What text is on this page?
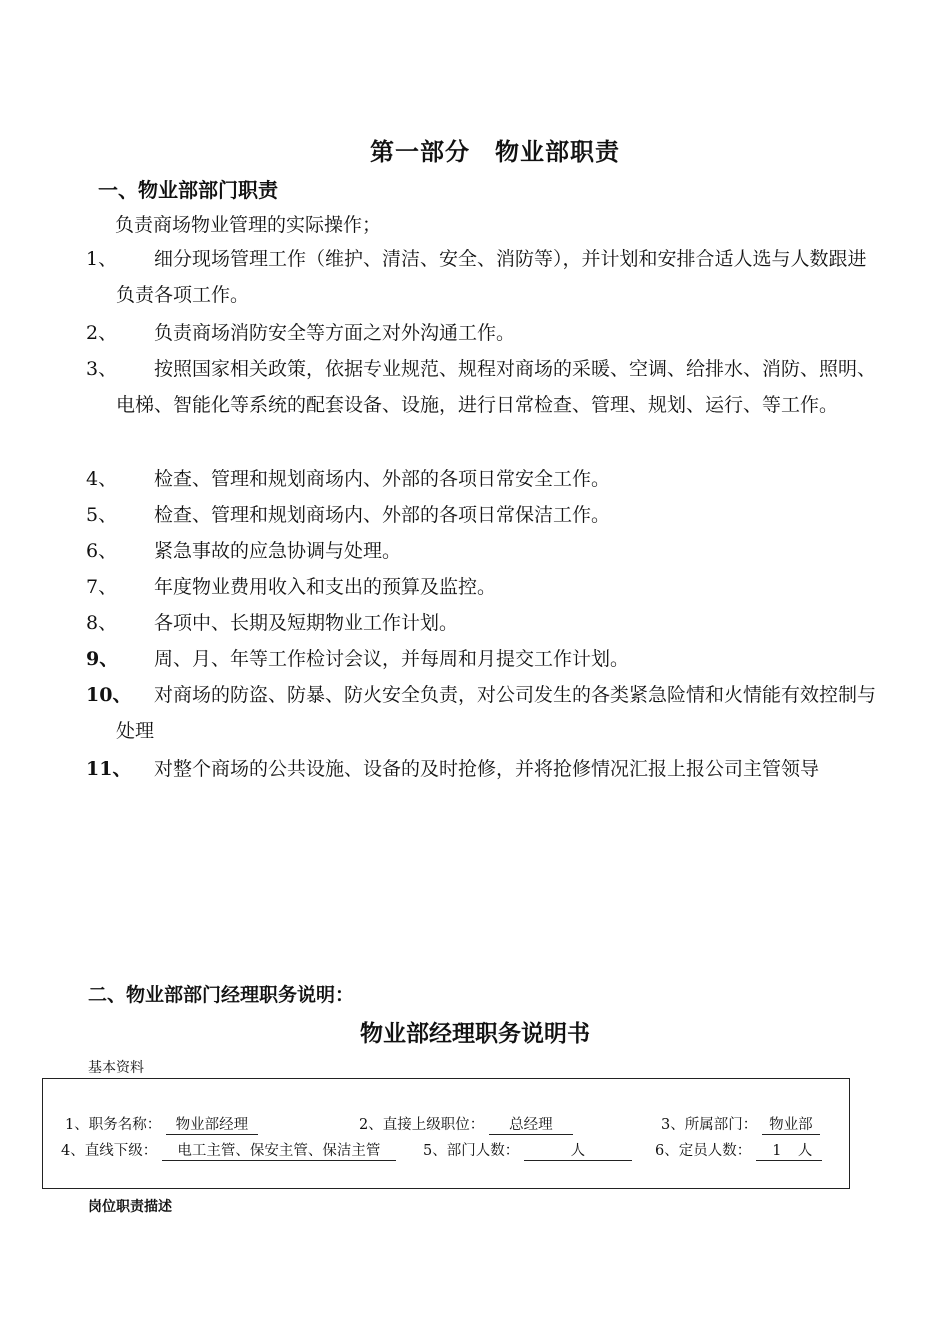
第一部分　物业部职责
一、物业部部门职责
负责商场物业管理的实际操作；
1、	细分现场管理工作（维护、清洁、安全、消防等），并计划和安排合适人选与人数跟进负责各项工作。
2、	负责商场消防安全等方面之对外沟通工作。
3、	按照国家相关政策，依据专业规范、规程对商场的采暖、空调、给排水、消防、照明、电梯、智能化等系统的配套设备、设施，进行日常检查、管理、规划、运行、等工作。
4、	检查、管理和规划商场内、外部的各项日常安全工作。
5、	检查、管理和规划商场内、外部的各项日常保洁工作。
6、	紧急事故的应急协调与处理。
7、	年度物业费用收入和支出的预算及监控。
8、	各项中、长期及短期物业工作计划。
9、	周、月、年等工作检讨会议，并每周和月提交工作计划。
10、	对商场的防盗、防暴、防火安全负责，对公司发生的各类紧急险情和火情能有效控制与处理
11、	对整个商场的公共设施、设备的及时抢修，并将抢修情况汇报上报公司主管领导
二、物业部部门经理职务说明：
物业部经理职务说明书
基本资料
1、职务名称： 物业部经理	2、直接上级职位： 总经理	3、所属部门： 物业部
4、直线下级： 电工主管、保安主管、保洁主管	5、部门人数：	人	6、定员人数： 1 人
岗位职责描述
